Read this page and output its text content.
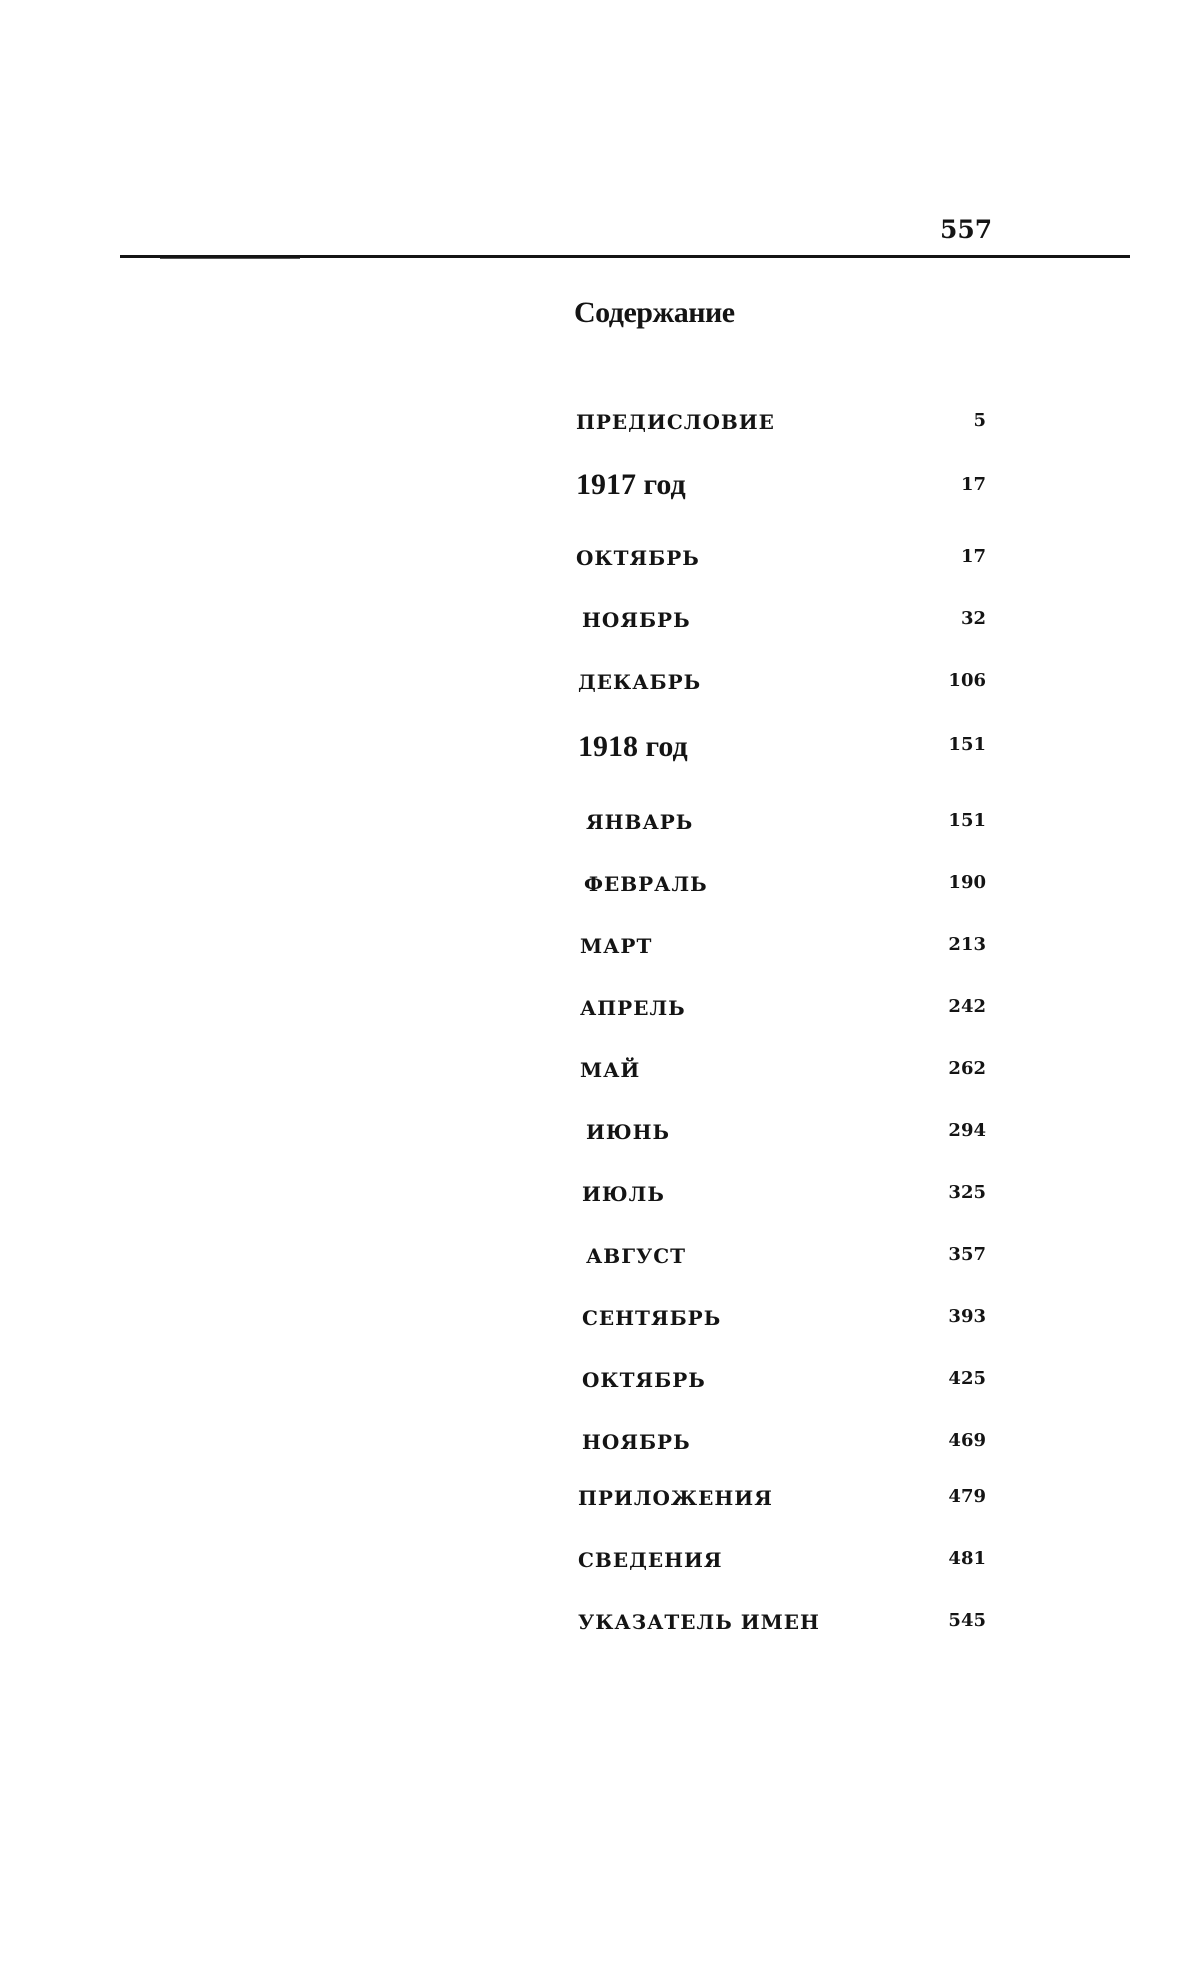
557
Содержание
ПРЕДИСЛОВИЕ	5
1917 год	17
ОКТЯБРЬ	17
НОЯБРЬ	32
ДЕКАБРЬ	106
1918 год	151
ЯНВАРЬ	151
ФЕВРАЛЬ	190
МАРТ	213
АПРЕЛЬ	242
МАЙ	262
ИЮНЬ	294
ИЮЛЬ	325
АВГУСТ	357
СЕНТЯБРЬ	393
ОКТЯБРЬ	425
НОЯБРЬ	469
ПРИЛОЖЕНИЯ	479
СВЕДЕНИЯ	481
УКАЗАТЕЛЬ ИМЕН	545
